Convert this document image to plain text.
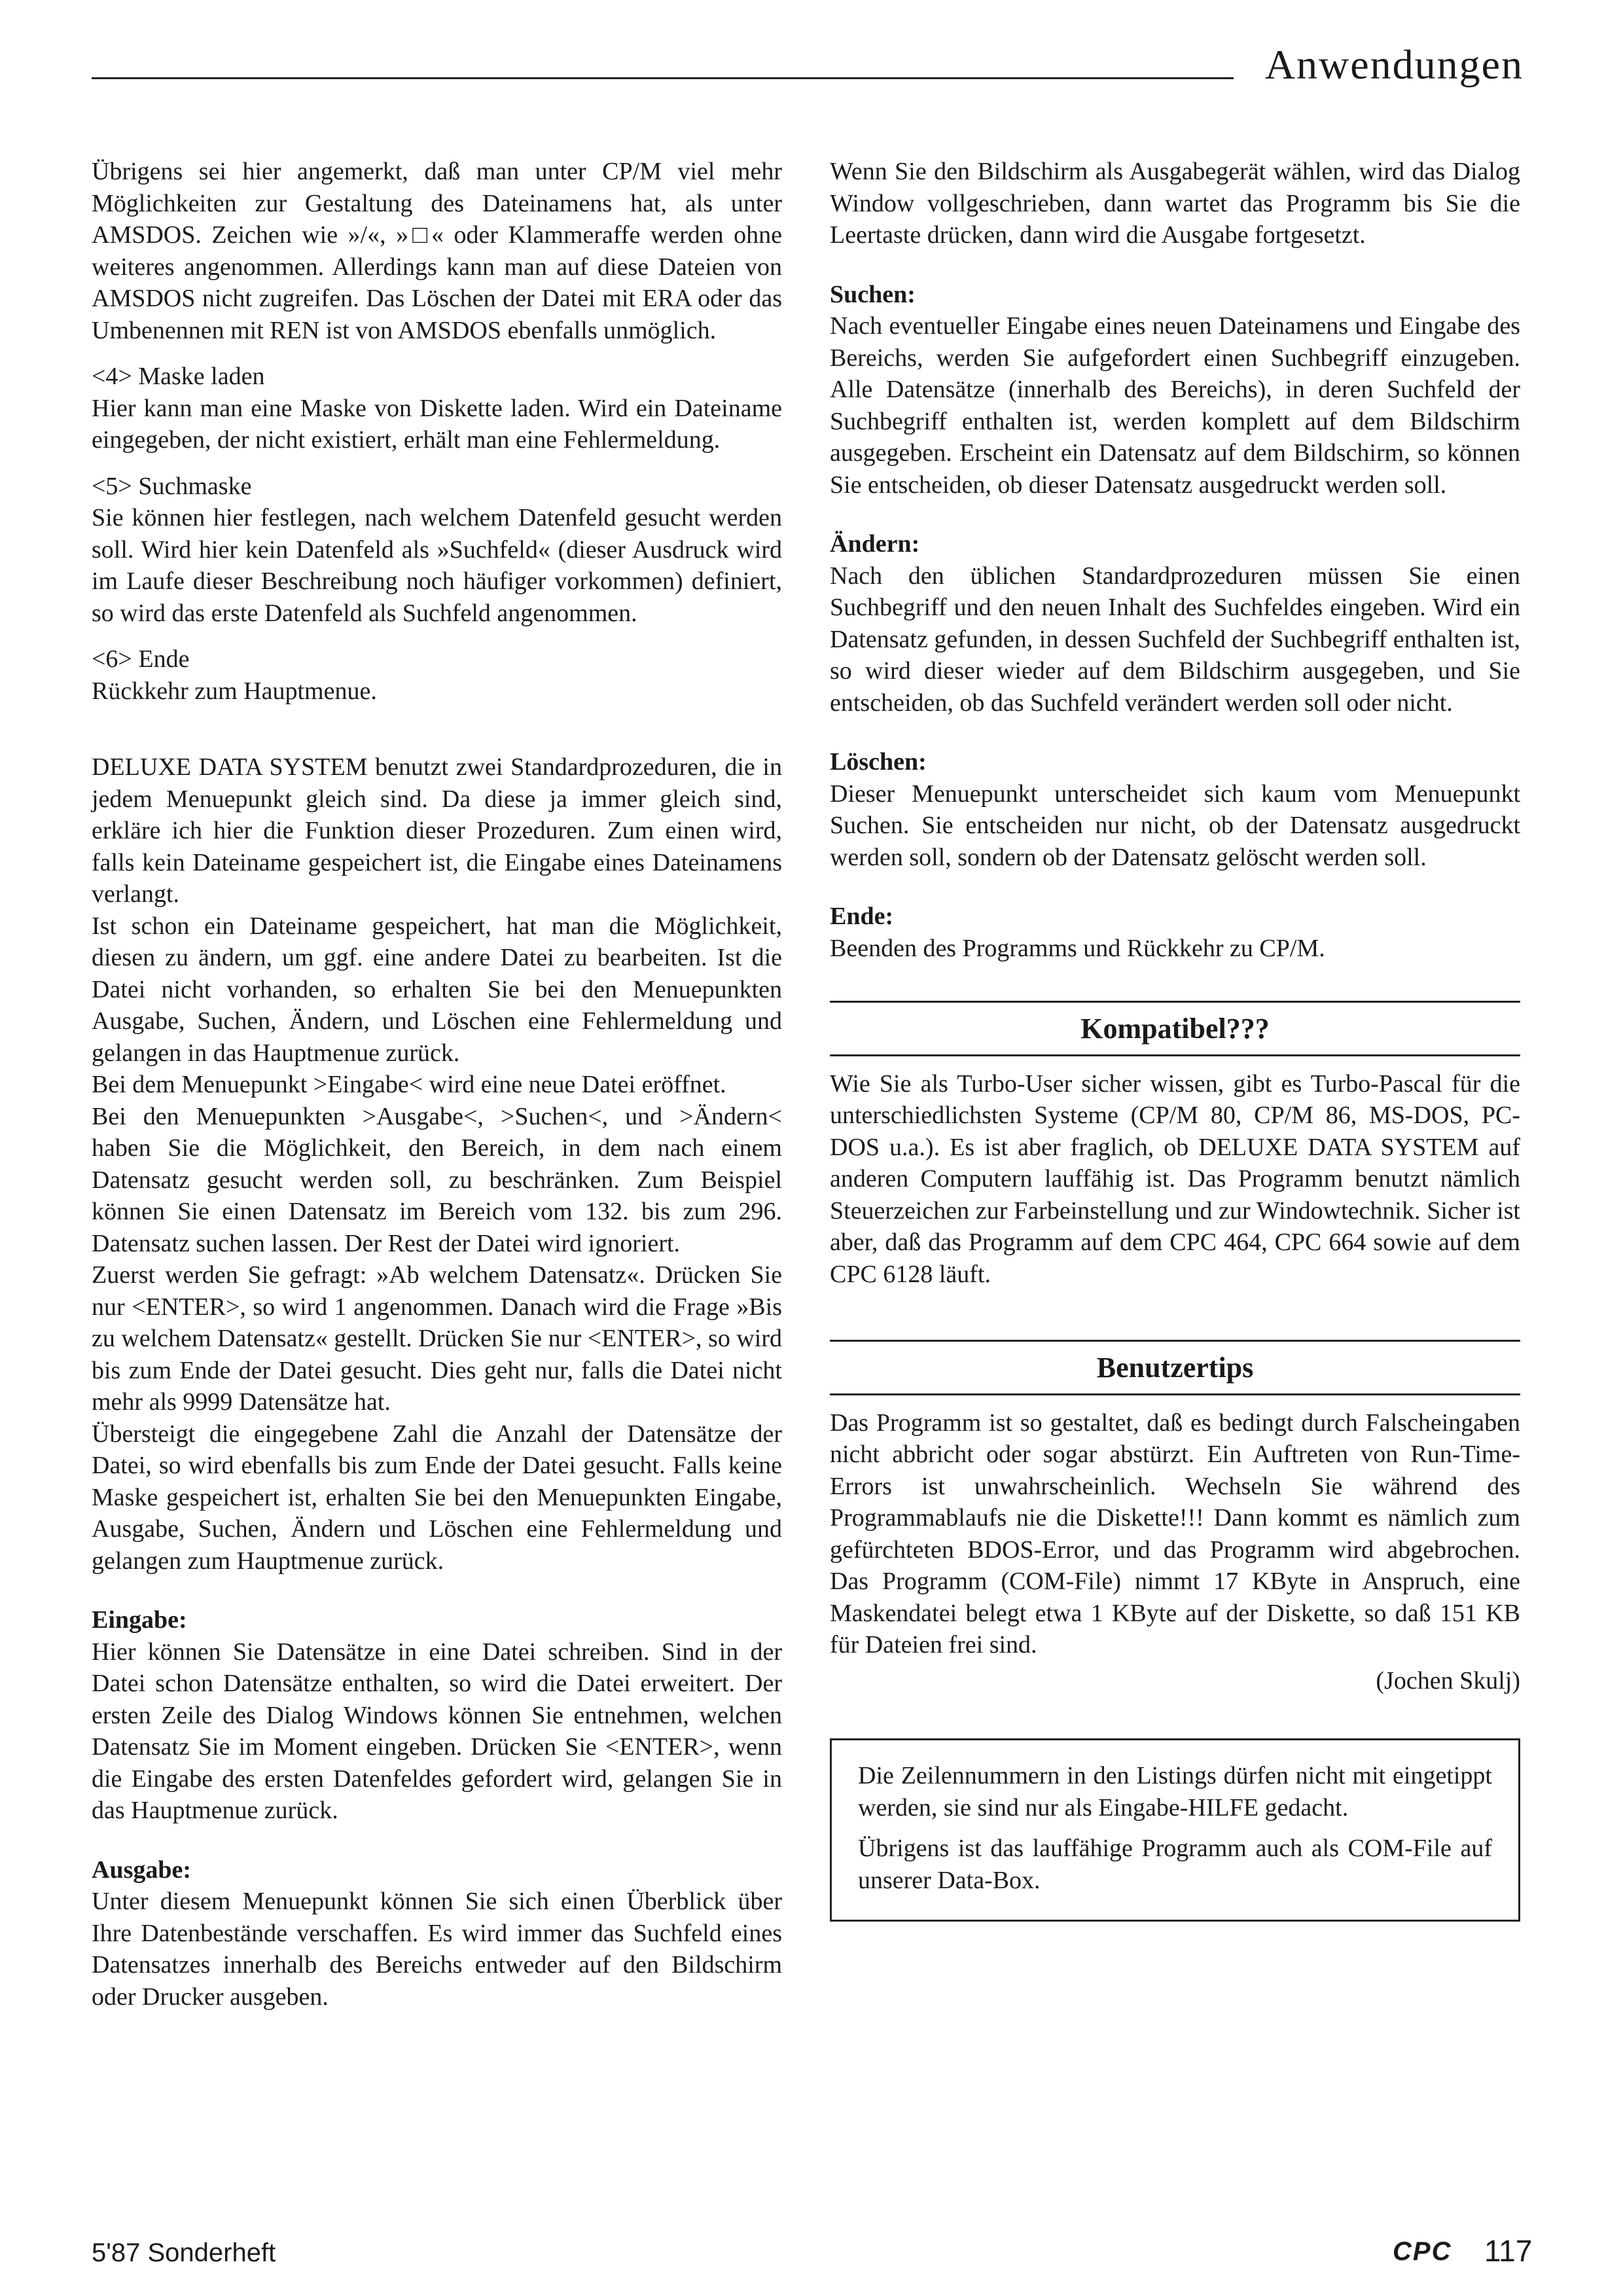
Anwendungen

Übrigens sei hier angemerkt, daß man unter CP/M viel mehr Möglichkeiten zur Gestaltung des Dateinamens hat, als unter AMSDOS. Zeichen wie »/«, »□« oder Klammeraffe werden ohne weiteres angenommen. Allerdings kann man auf diese Dateien von AMSDOS nicht zugreifen. Das Löschen der Datei mit ERA oder das Umbenennen mit REN ist von AMSDOS ebenfalls unmöglich.

<4> Maske laden

Hier kann man eine Maske von Diskette laden. Wird ein Dateiname eingegeben, der nicht existiert, erhält man eine Fehlermeldung.

<5> Suchmaske

Sie können hier festlegen, nach welchem Datenfeld gesucht werden soll. Wird hier kein Datenfeld als »Suchfeld« (dieser Ausdruck wird im Laufe dieser Beschreibung noch häufiger vorkommen) definiert, so wird das erste Datenfeld als Suchfeld angenommen.

<6> Ende

Rückkehr zum Hauptmenue.

DELUXE DATA SYSTEM benutzt zwei Standardprozeduren, die in jedem Menuepunkt gleich sind. Da diese ja immer gleich sind, erkläre ich hier die Funktion dieser Prozeduren. Zum einen wird, falls kein Dateiname gespeichert ist, die Eingabe eines Dateinamens verlangt.

Ist schon ein Dateiname gespeichert, hat man die Möglichkeit, diesen zu ändern, um ggf. eine andere Datei zu bearbeiten. Ist die Datei nicht vorhanden, so erhalten Sie bei den Menuepunkten Ausgabe, Suchen, Ändern, und Löschen eine Fehlermeldung und gelangen in das Hauptmenue zurück.

Bei dem Menuepunkt >Eingabe< wird eine neue Datei eröffnet.

Bei den Menuepunkten >Ausgabe<, >Suchen<, und >Ändern< haben Sie die Möglichkeit, den Bereich, in dem nach einem Datensatz gesucht werden soll, zu beschränken. Zum Beispiel können Sie einen Datensatz im Bereich vom 132. bis zum 296. Datensatz suchen lassen. Der Rest der Datei wird ignoriert.

Zuerst werden Sie gefragt: »Ab welchem Datensatz«. Drücken Sie nur <ENTER>, so wird 1 angenommen. Danach wird die Frage »Bis zu welchem Datensatz« gestellt. Drücken Sie nur <ENTER>, so wird bis zum Ende der Datei gesucht. Dies geht nur, falls die Datei nicht mehr als 9999 Datensätze hat.

Übersteigt die eingegebene Zahl die Anzahl der Datensätze der Datei, so wird ebenfalls bis zum Ende der Datei gesucht. Falls keine Maske gespeichert ist, erhalten Sie bei den Menuepunkten Eingabe, Ausgabe, Suchen, Ändern und Löschen eine Fehlermeldung und gelangen zum Hauptmenue zurück.

Eingabe:

Hier können Sie Datensätze in eine Datei schreiben. Sind in der Datei schon Datensätze enthalten, so wird die Datei erweitert. Der ersten Zeile des Dialog Windows können Sie entnehmen, welchen Datensatz Sie im Moment eingeben. Drücken Sie <ENTER>, wenn die Eingabe des ersten Datenfeldes gefordert wird, gelangen Sie in das Hauptmenue zurück.

Ausgabe:

Unter diesem Menuepunkt können Sie sich einen Überblick über Ihre Datenbestände verschaffen. Es wird immer das Suchfeld eines Datensatzes innerhalb des Bereichs entweder auf den Bildschirm oder Drucker ausgeben.

Wenn Sie den Bildschirm als Ausgabegerät wählen, wird das Dialog Window vollgeschrieben, dann wartet das Programm bis Sie die Leertaste drücken, dann wird die Ausgabe fortgesetzt.

Suchen:

Nach eventueller Eingabe eines neuen Dateinamens und Eingabe des Bereichs, werden Sie aufgefordert einen Suchbegriff einzugeben. Alle Datensätze (innerhalb des Bereichs), in deren Suchfeld der Suchbegriff enthalten ist, werden komplett auf dem Bildschirm ausgegeben. Erscheint ein Datensatz auf dem Bildschirm, so können Sie entscheiden, ob dieser Datensatz ausgedruckt werden soll.

Ändern:

Nach den üblichen Standardprozeduren müssen Sie einen Suchbegriff und den neuen Inhalt des Suchfeldes eingeben. Wird ein Datensatz gefunden, in dessen Suchfeld der Suchbegriff enthalten ist, so wird dieser wieder auf dem Bildschirm ausgegeben, und Sie entscheiden, ob das Suchfeld verändert werden soll oder nicht.

Löschen:

Dieser Menuepunkt unterscheidet sich kaum vom Menuepunkt Suchen. Sie entscheiden nur nicht, ob der Datensatz ausgedruckt werden soll, sondern ob der Datensatz gelöscht werden soll.

Ende:

Beenden des Programms und Rückkehr zu CP/M.

Kompatibel???

Wie Sie als Turbo-User sicher wissen, gibt es Turbo-Pascal für die unterschiedlichsten Systeme (CP/M 80, CP/M 86, MS-DOS, PC-DOS u.a.). Es ist aber fraglich, ob DELUXE DATA SYSTEM auf anderen Computern lauffähig ist. Das Programm benutzt nämlich Steuerzeichen zur Farbeinstellung und zur Windowtechnik. Sicher ist aber, daß das Programm auf dem CPC 464, CPC 664 sowie auf dem CPC 6128 läuft.

Benutzertips

Das Programm ist so gestaltet, daß es bedingt durch Falscheingaben nicht abbricht oder sogar abstürzt. Ein Auftreten von Run-Time-Errors ist unwahrscheinlich. Wechseln Sie während des Programmablaufs nie die Diskette!!! Dann kommt es nämlich zum gefürchteten BDOS-Error, und das Programm wird abgebrochen. Das Programm (COM-File) nimmt 17 KByte in Anspruch, eine Maskendatei belegt etwa 1 KByte auf der Diskette, so daß 151 KB für Dateien frei sind.

(Jochen Skulj)

Die Zeilennummern in den Listings dürfen nicht mit eingetippt werden, sie sind nur als Eingabe-HILFE gedacht.

Übrigens ist das lauffähige Programm auch als COM-File auf unserer Data-Box.

5'87 Sonderheft	CPC 117
